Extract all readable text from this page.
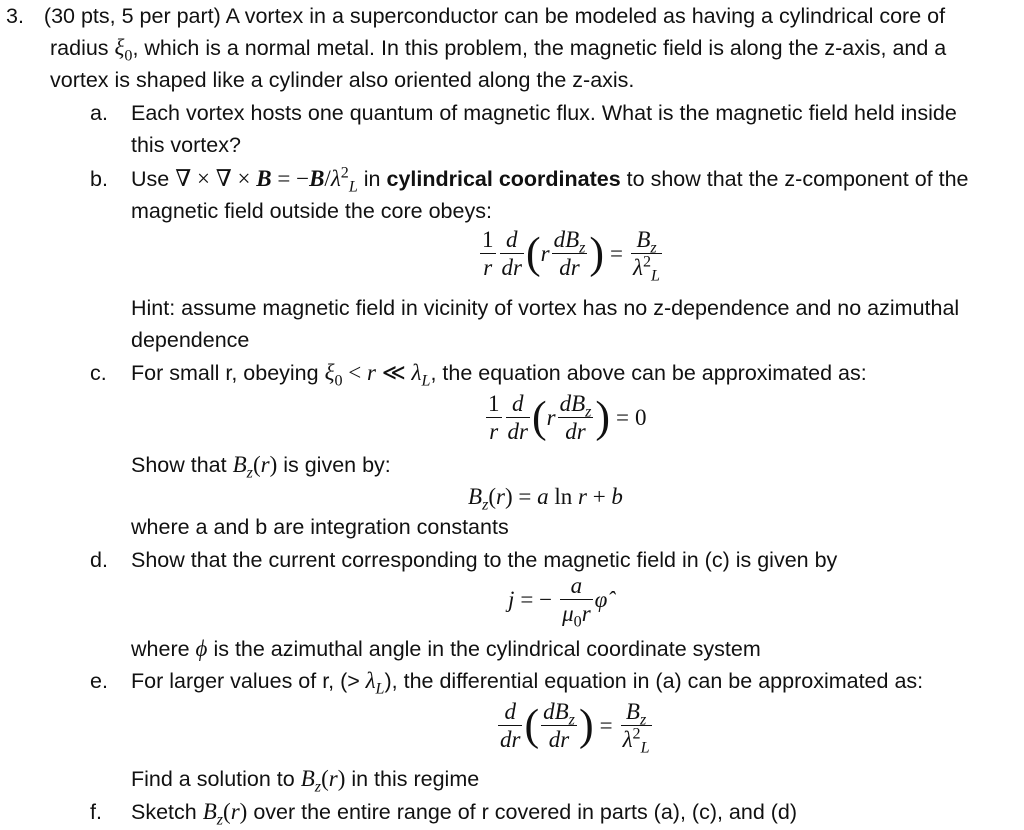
3. (30 pts, 5 per part) A vortex in a superconductor can be modeled as having a cylindrical core of
radius $\xi_0$, which is a normal metal. In this problem, the magnetic field is along the z-axis, and a
vortex is shaped like a cylinder also oriented along the z-axis.
a. Each vortex hosts one quantum of magnetic flux. What is the magnetic field held inside
this vortex?
b. Use ∇ × ∇ × $B = -B/\lambda^2_L$ in cylindrical coordinates to show that the z-component of the
magnetic field outside the core obeys:
$\frac{1}{r} \frac{d}{dr} (r \frac{dB_z}{dr}$ ) = $\frac{B_z}{\lambda^2_L}$
Hint: assume magnetic field in vicinity of vortex has no z-dependence and no azimuthal
dependence
c. For small r, obeying $\xi_0 < r$ ≪ $\lambda_L$, the equation above can be approximated as:
$\frac{1}{r} \frac{d}{dr} (r \frac{dB_z}{dr}$ ) = 0
Show that $B_z(r)$ is given by:
$B_z(r) = a$ ln r + b
where a and b are integration constants
d. Show that the current corresponding to the magnetic field in (c) is given by
j = − $\frac{a}{\mu_0r}$ φ̂
where ϕ is the azimuthal angle in the cylindrical coordinate system
e. For larger values of r, (> $\lambda_L$), the differential equation in (a) can be approximated as:
$\frac{d}{dr}$ ( $\frac{dB_z}{dr}$ ) = $\frac{B_z}{\lambda^2_L}$
Find a solution to $B_z(r)$ in this regime
f. Sketch $B_z(r)$ over the entire range of r covered in parts (a), (c), and (d)
